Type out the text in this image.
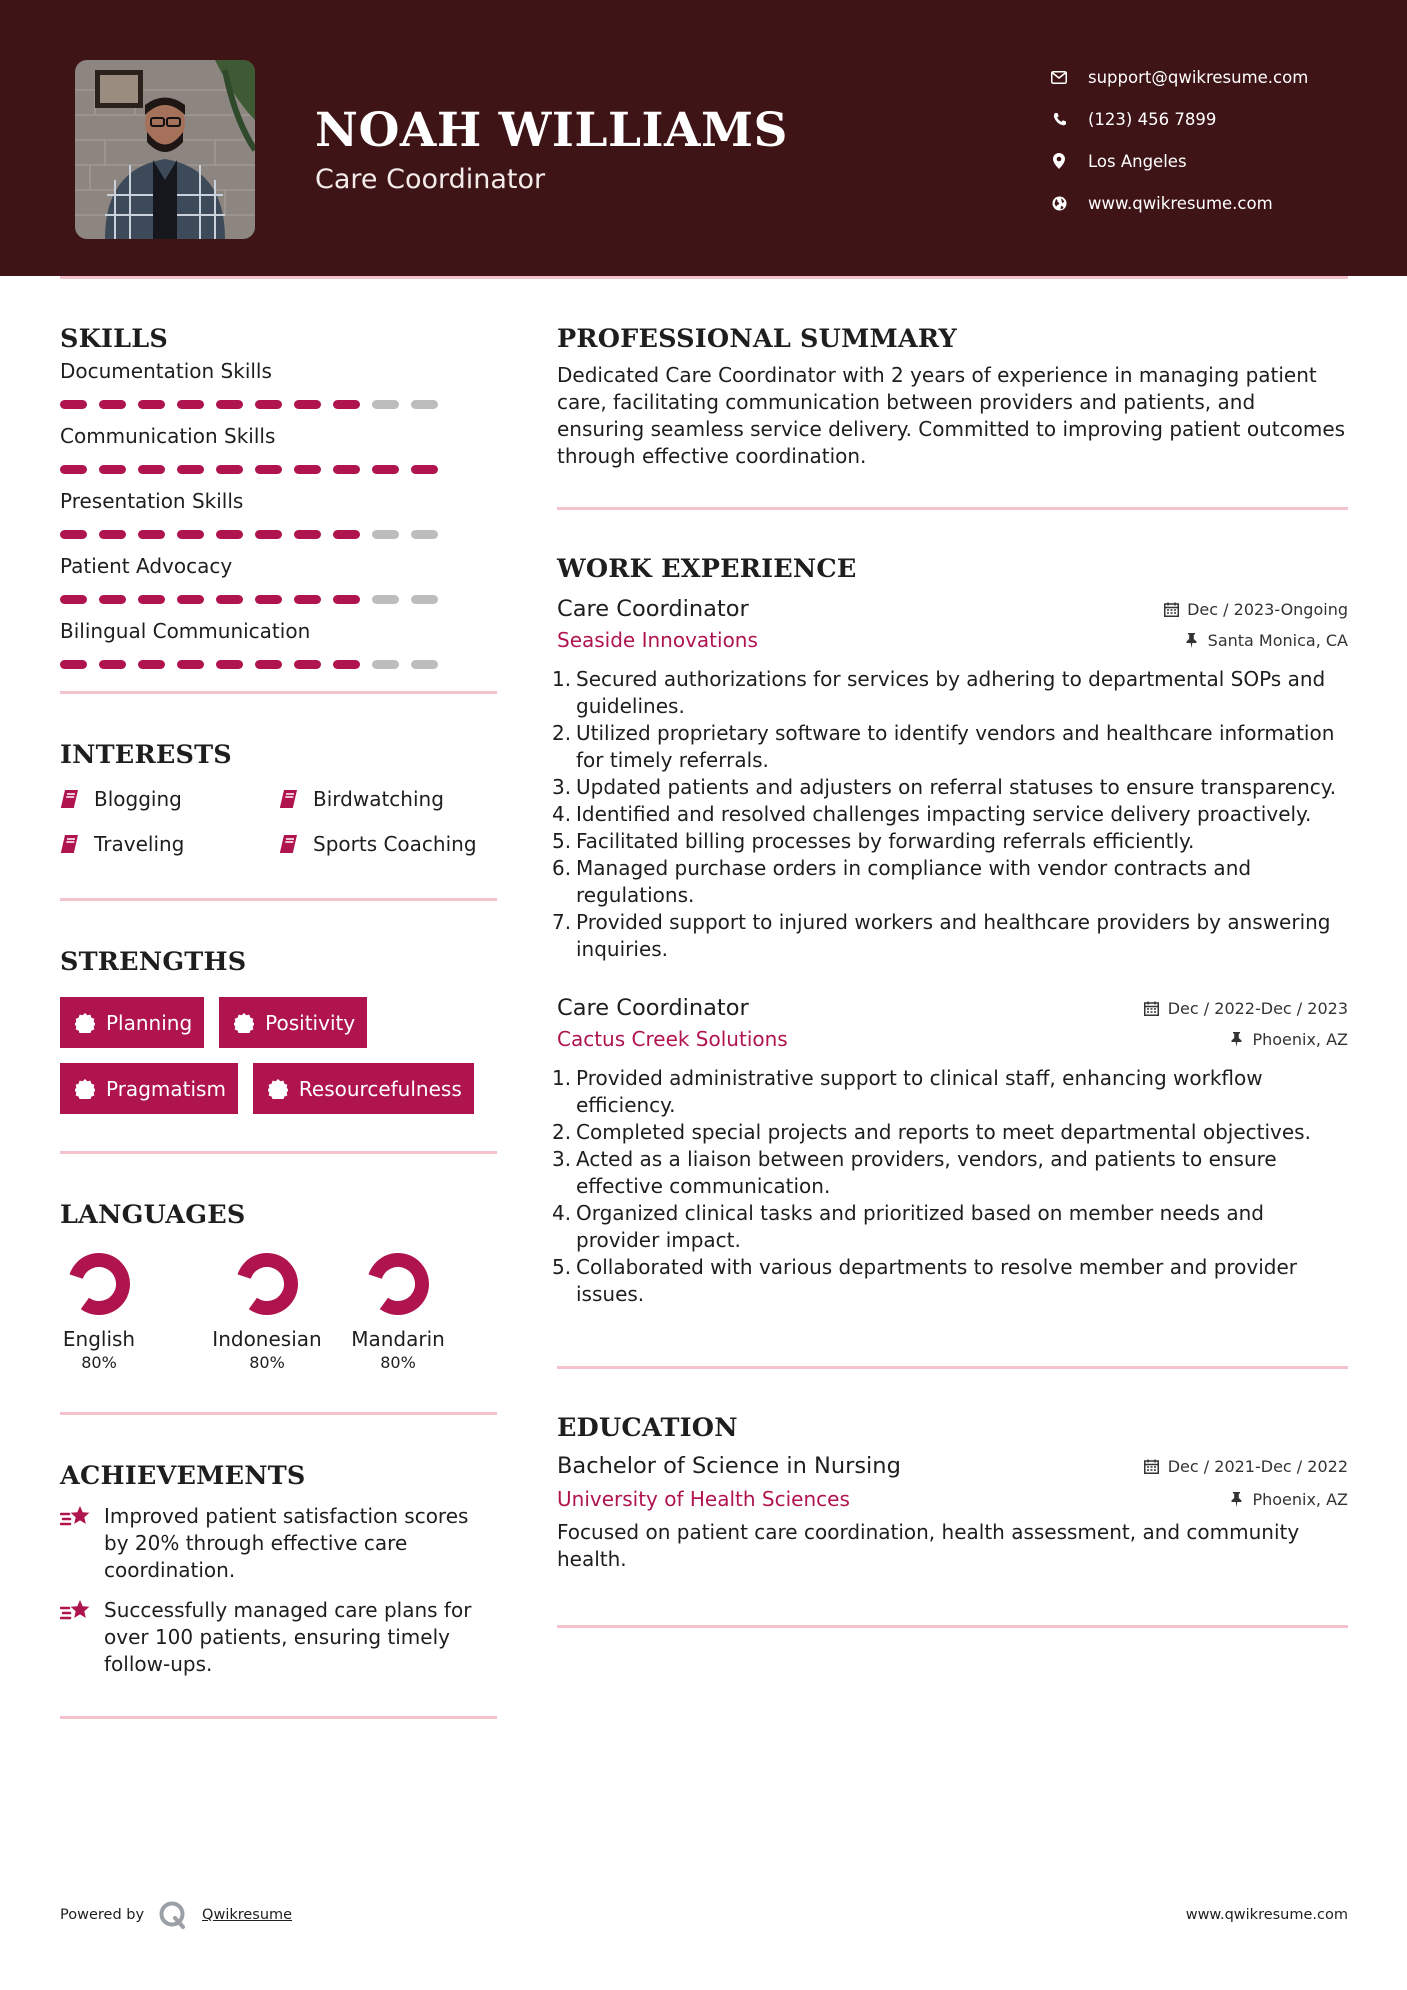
NOAH WILLIAMS
Care Coordinator
support@qwikresume.com
(123) 456 7899
Los Angeles
www.qwikresume.com
SKILLS
Documentation Skills
Communication Skills
Presentation Skills
Patient Advocacy
Bilingual Communication
INTERESTS
Blogging	Birdwatching
Traveling	Sports Coaching
STRENGTHS
Planning	Positivity
Pragmatism	Resourcefulness
LANGUAGES
English
80%
Indonesian
80%
Mandarin
80%
ACHIEVEMENTS
Improved patient satisfaction scores by 20% through effective care coordination.
Successfully managed care plans for over 100 patients, ensuring timely follow-ups.
PROFESSIONAL SUMMARY
Dedicated Care Coordinator with 2 years of experience in managing patient care, facilitating communication between providers and patients, and ensuring seamless service delivery. Committed to improving patient outcomes through effective coordination.
WORK EXPERIENCE
Care Coordinator	Dec / 2023-Ongoing
Seaside Innovations	Santa Monica, CA
1. Secured authorizations for services by adhering to departmental SOPs and guidelines.
2. Utilized proprietary software to identify vendors and healthcare information for timely referrals.
3. Updated patients and adjusters on referral statuses to ensure transparency.
4. Identified and resolved challenges impacting service delivery proactively.
5. Facilitated billing processes by forwarding referrals efficiently.
6. Managed purchase orders in compliance with vendor contracts and regulations.
7. Provided support to injured workers and healthcare providers by answering inquiries.
Care Coordinator	Dec / 2022-Dec / 2023
Cactus Creek Solutions	Phoenix, AZ
1. Provided administrative support to clinical staff, enhancing workflow efficiency.
2. Completed special projects and reports to meet departmental objectives.
3. Acted as a liaison between providers, vendors, and patients to ensure effective communication.
4. Organized clinical tasks and prioritized based on member needs and provider impact.
5. Collaborated with various departments to resolve member and provider issues.
EDUCATION
Bachelor of Science in Nursing	Dec / 2021-Dec / 2022
University of Health Sciences	Phoenix, AZ
Focused on patient care coordination, health assessment, and community health.
Powered by	Qwikresume	www.qwikresume.com
